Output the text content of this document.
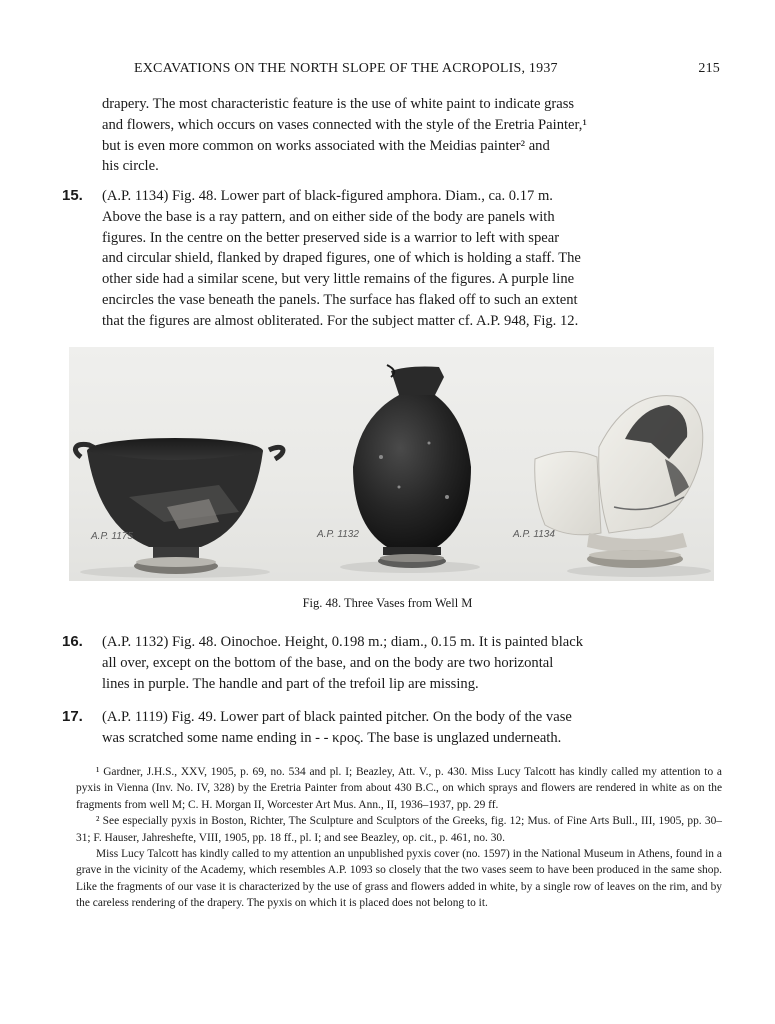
EXCAVATIONS ON THE NORTH SLOPE OF THE ACROPOLIS, 1937	215

drapery. The most characteristic feature is the use of white paint to indicate grass

and flowers, which occurs on vases connected with the style of the Eretria Painter,¹

but is even more common on works associated with the Meidias painter² and

his circle.

15. (A.P. 1134) Fig. 48. Lower part of black-figured amphora. Diam., ca. 0.17 m.

Above the base is a ray pattern, and on either side of the body are panels with

figures. In the centre on the better preserved side is a warrior to left with spear

and circular shield, flanked by draped figures, one of which is holding a staff. The

other side had a similar scene, but very little remains of the figures. A purple line

encircles the vase beneath the panels. The surface has flaked off to such an extent

that the figures are almost obliterated. For the subject matter cf. A.P. 948, Fig. 12.

A.P. 1175	A.P. 1132	A.P. 1134
Fig. 48. Three Vases from Well M
16. (A.P. 1132) Fig. 48. Oinochoe. Height, 0.198 m.; diam., 0.15 m. It is painted black

all over, except on the bottom of the base, and on the body are two horizontal

lines in purple. The handle and part of the trefoil lip are missing.

17. (A.P. 1119) Fig. 49. Lower part of black painted pitcher. On the body of the vase

was scratched some name ending in - - κρος. The base is unglazed underneath.

¹ Gardner, J.H.S., XXV, 1905, p. 69, no. 534 and pl. I; Beazley, Att. V., p. 430. Miss Lucy Talcott has kindly called my attention to a pyxis in Vienna (Inv. No. IV, 328) by the Eretria Painter from about 430 B.C., on which sprays and flowers are rendered in white as on the fragments from well M; C. H. Morgan II, Worcester Art Mus. Ann., II, 1936–1937, pp. 29 ff.

² See especially pyxis in Boston, Richter, The Sculpture and Sculptors of the Greeks, fig. 12; Mus. of Fine Arts Bull., III, 1905, pp. 30–31; F. Hauser, Jahreshefte, VIII, 1905, pp. 18 ff., pl. I; and see Beazley, op. cit., p. 461, no. 30.

Miss Lucy Talcott has kindly called to my attention an unpublished pyxis cover (no. 1597) in the National Museum in Athens, found in a grave in the vicinity of the Academy, which resembles A.P. 1093 so closely that the two vases seem to have been produced in the same shop. Like the fragments of our vase it is characterized by the use of grass and flowers added in white, by a single row of leaves on the rim, and by the careless rendering of the drapery. The pyxis on which it is placed does not belong to it.
